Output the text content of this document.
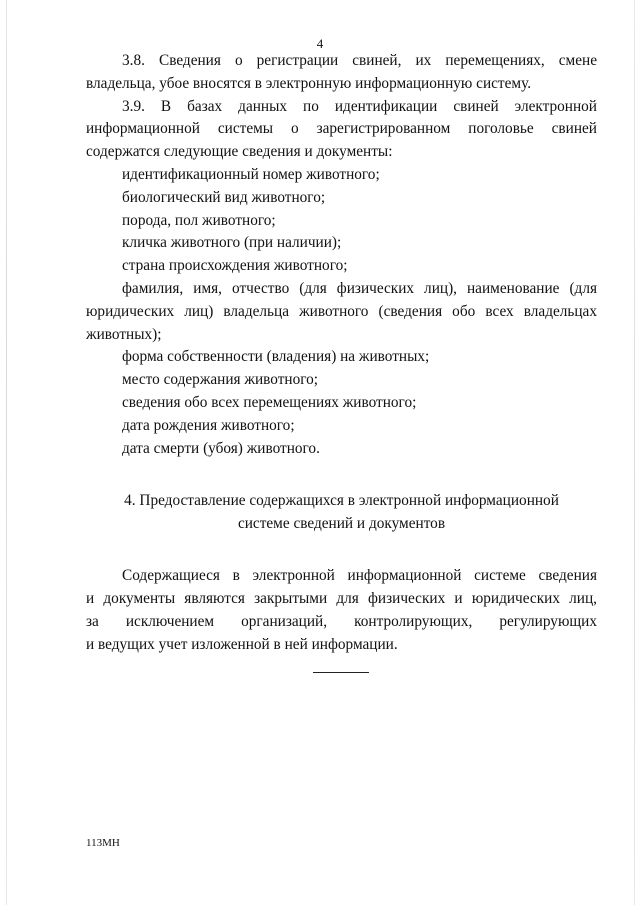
4

3.8. Сведения о регистрации свиней, их перемещениях, смене владельца, убое вносятся в электронную информационную систему.

3.9. В базах данных по идентификации свиней электронной информационной системы о зарегистрированном поголовье свиней содержатся следующие сведения и документы:

идентификационный номер животного;

биологический вид животного;

порода, пол животного;

кличка животного (при наличии);

страна происхождения животного;

фамилия, имя, отчество (для физических лиц), наименование (для юридических лиц) владельца животного (сведения обо всех владельцах животных);

форма собственности (владения) на животных;

место содержания животного;

сведения обо всех перемещениях животного;

дата рождения животного;

дата смерти (убоя) животного.

4. Предоставление содержащихся в электронной информационной
системе сведений и документов
Содержащиеся в электронной информационной системе сведения
и документы являются закрытыми для физических и юридических лиц,
за исключением организаций, контролирующих, регулирующих
и ведущих учет изложенной в ней информации.
113МН
